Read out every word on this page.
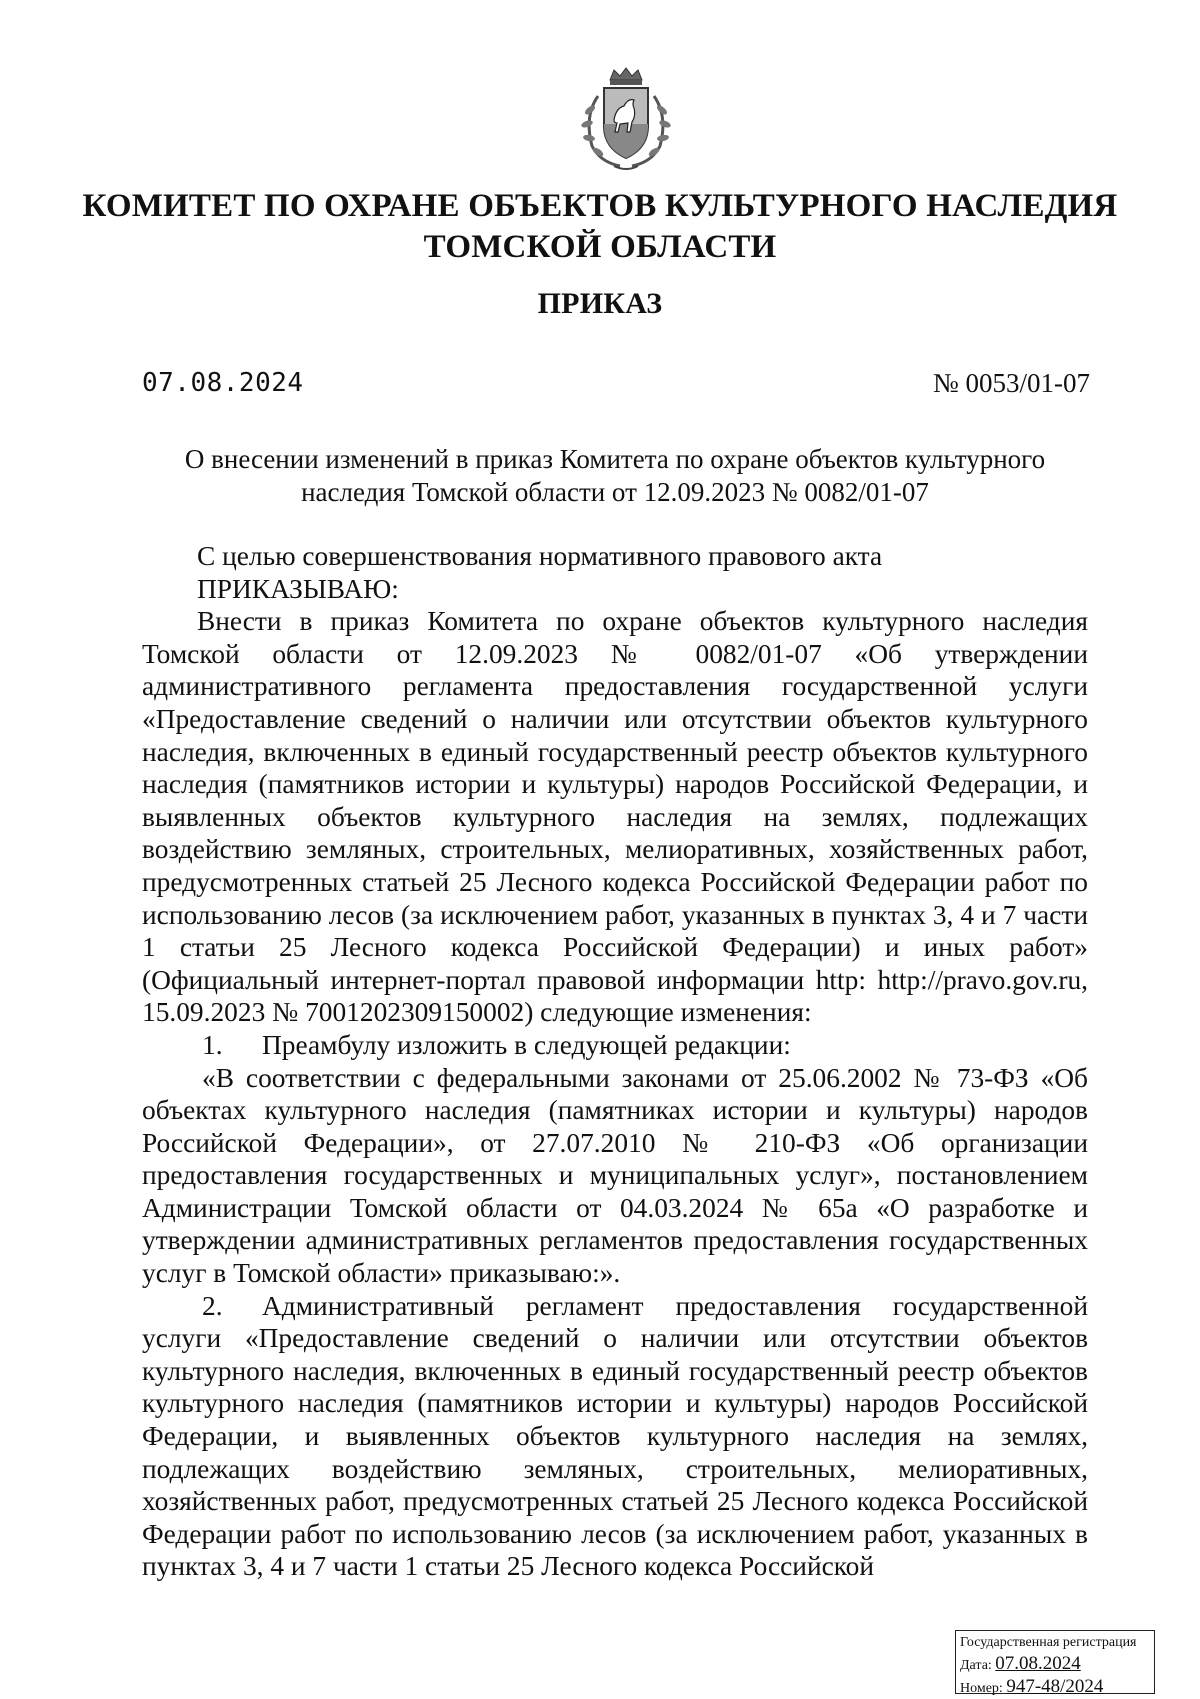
КОМИТЕТ ПО ОХРАНЕ ОБЪЕКТОВ КУЛЬТУРНОГО НАСЛЕДИЯ
ТОМСКОЙ ОБЛАСТИ
ПРИКАЗ
07.08.2024	№ 0053/01-07
О внесении изменений в приказ Комитета по охране объектов культурного
наследия Томской области от 12.09.2023 № 0082/01-07

С целью совершенствования нормативного правового акта

ПРИКАЗЫВАЮ:

Внести в приказ Комитета по охране объектов культурного наследия Томской области от 12.09.2023 № 0082/01-07 «Об утверждении административного регламента предоставления государственной услуги «Предоставление сведений о наличии или отсутствии объектов культурного наследия, включенных в единый государственный реестр объектов культурного наследия (памятников истории и культуры) народов Российской Федерации, и выявленных объектов культурного наследия на землях, подлежащих воздействию земляных, строительных, мелиоративных, хозяйственных работ, предусмотренных статьей 25 Лесного кодекса Российской Федерации работ по использованию лесов (за исключением работ, указанных в пунктах 3, 4 и 7 части 1 статьи 25 Лесного кодекса Российской Федерации) и иных работ» (Официальный интернет-портал правовой информации http: http://pravo.gov.ru, 15.09.2023 № 7001202309150002) следующие изменения:

1. Преамбулу изложить в следующей редакции:

«В соответствии с федеральными законами от 25.06.2002 № 73-ФЗ «Об объектах культурного наследия (памятниках истории и культуры) народов Российской Федерации», от 27.07.2010 № 210-ФЗ «Об организации предоставления государственных и муниципальных услуг», постановлением Администрации Томской области от 04.03.2024 № 65а «О разработке и утверждении административных регламентов предоставления государственных услуг в Томской области» приказываю:».

2. Административный регламент предоставления государственной услуги «Предоставление сведений о наличии или отсутствии объектов культурного наследия, включенных в единый государственный реестр объектов культурного наследия (памятников истории и культуры) народов Российской Федерации, и выявленных объектов культурного наследия на землях, подлежащих воздействию земляных, строительных, мелиоративных, хозяйственных работ, предусмотренных статьей 25 Лесного кодекса Российской Федерации работ по использованию лесов (за исключением работ, указанных в пунктах 3, 4 и 7 части 1 статьи 25 Лесного кодекса Российской

Государственная регистрация
Дата: 07.08.2024
Номер: 947-48/2024
